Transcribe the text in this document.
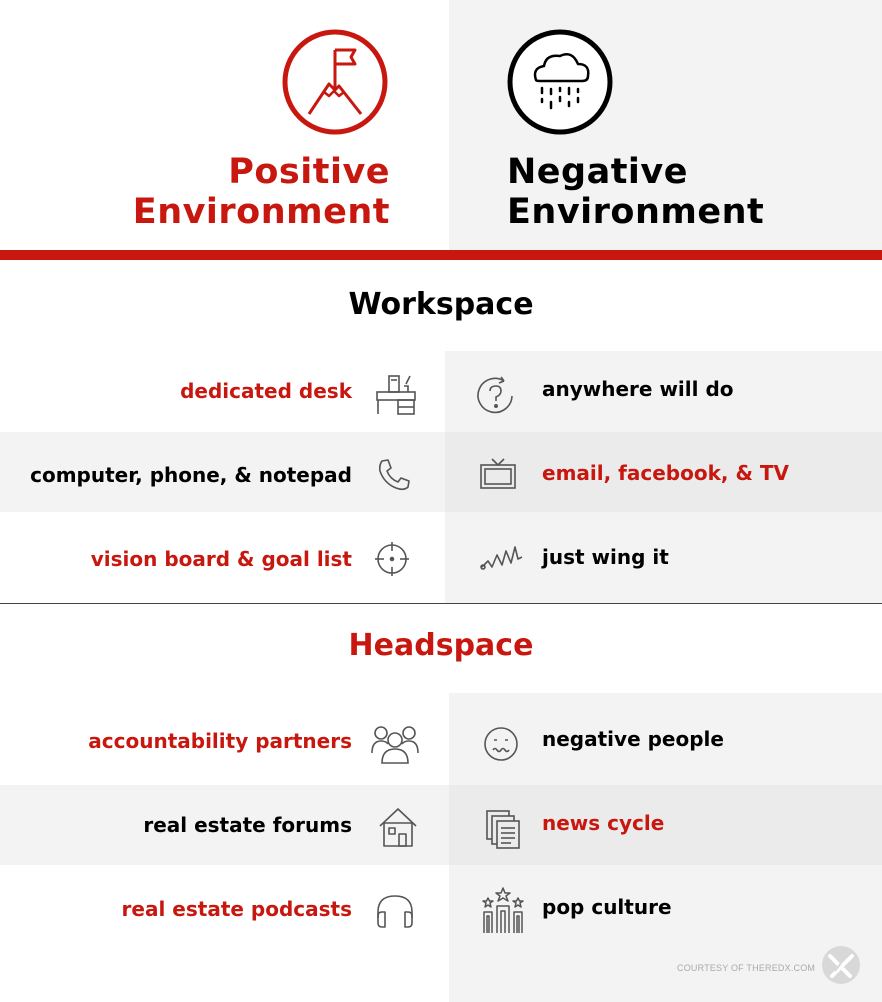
Positive
Environment
Negative
Environment
Workspace
dedicated desk	anywhere will do
computer, phone, & notepad	email, facebook, & TV
vision board & goal list	just wing it
Headspace
accountability partners	negative people
real estate forums	news cycle
real estate podcasts	pop culture
COURTESY OF THEREDX.COM
